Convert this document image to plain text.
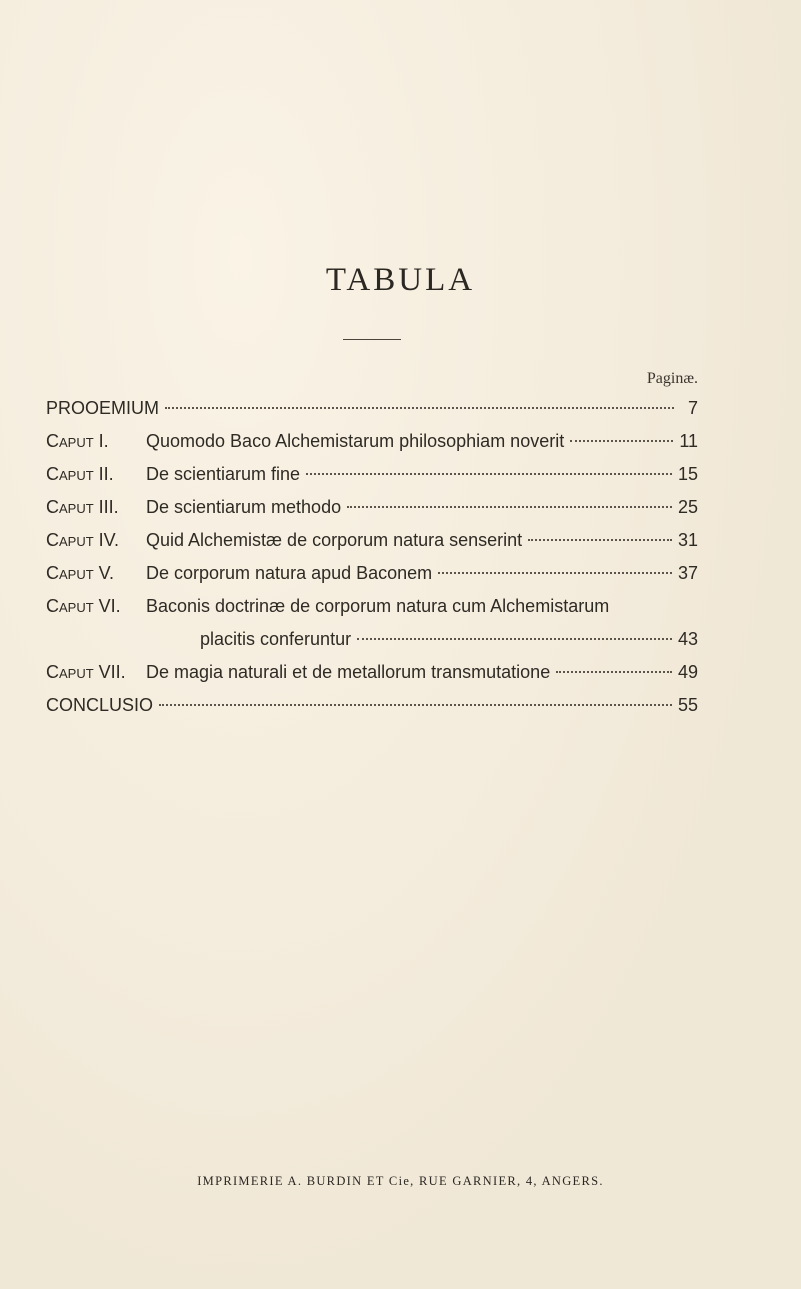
TABULA
Paginæ.
PROOEMIUM	7
Caput I.	Quomodo Baco Alchemistarum philosophiam noverit	11
Caput II.	De scientiarum fine	15
Caput III.	De scientiarum methodo	25
Caput IV.	Quid Alchemistæ de corporum natura senserint	31
Caput V.	De corporum natura apud Baconem	37
Caput VI.	Baconis doctrinæ de corporum natura cum Alchemistarum
placitis conferuntur	43
Caput VII.	De magia naturali et de metallorum transmutatione	49
CONCLUSIO	55
IMPRIMERIE A. BURDIN ET Cie, RUE GARNIER, 4, ANGERS.
